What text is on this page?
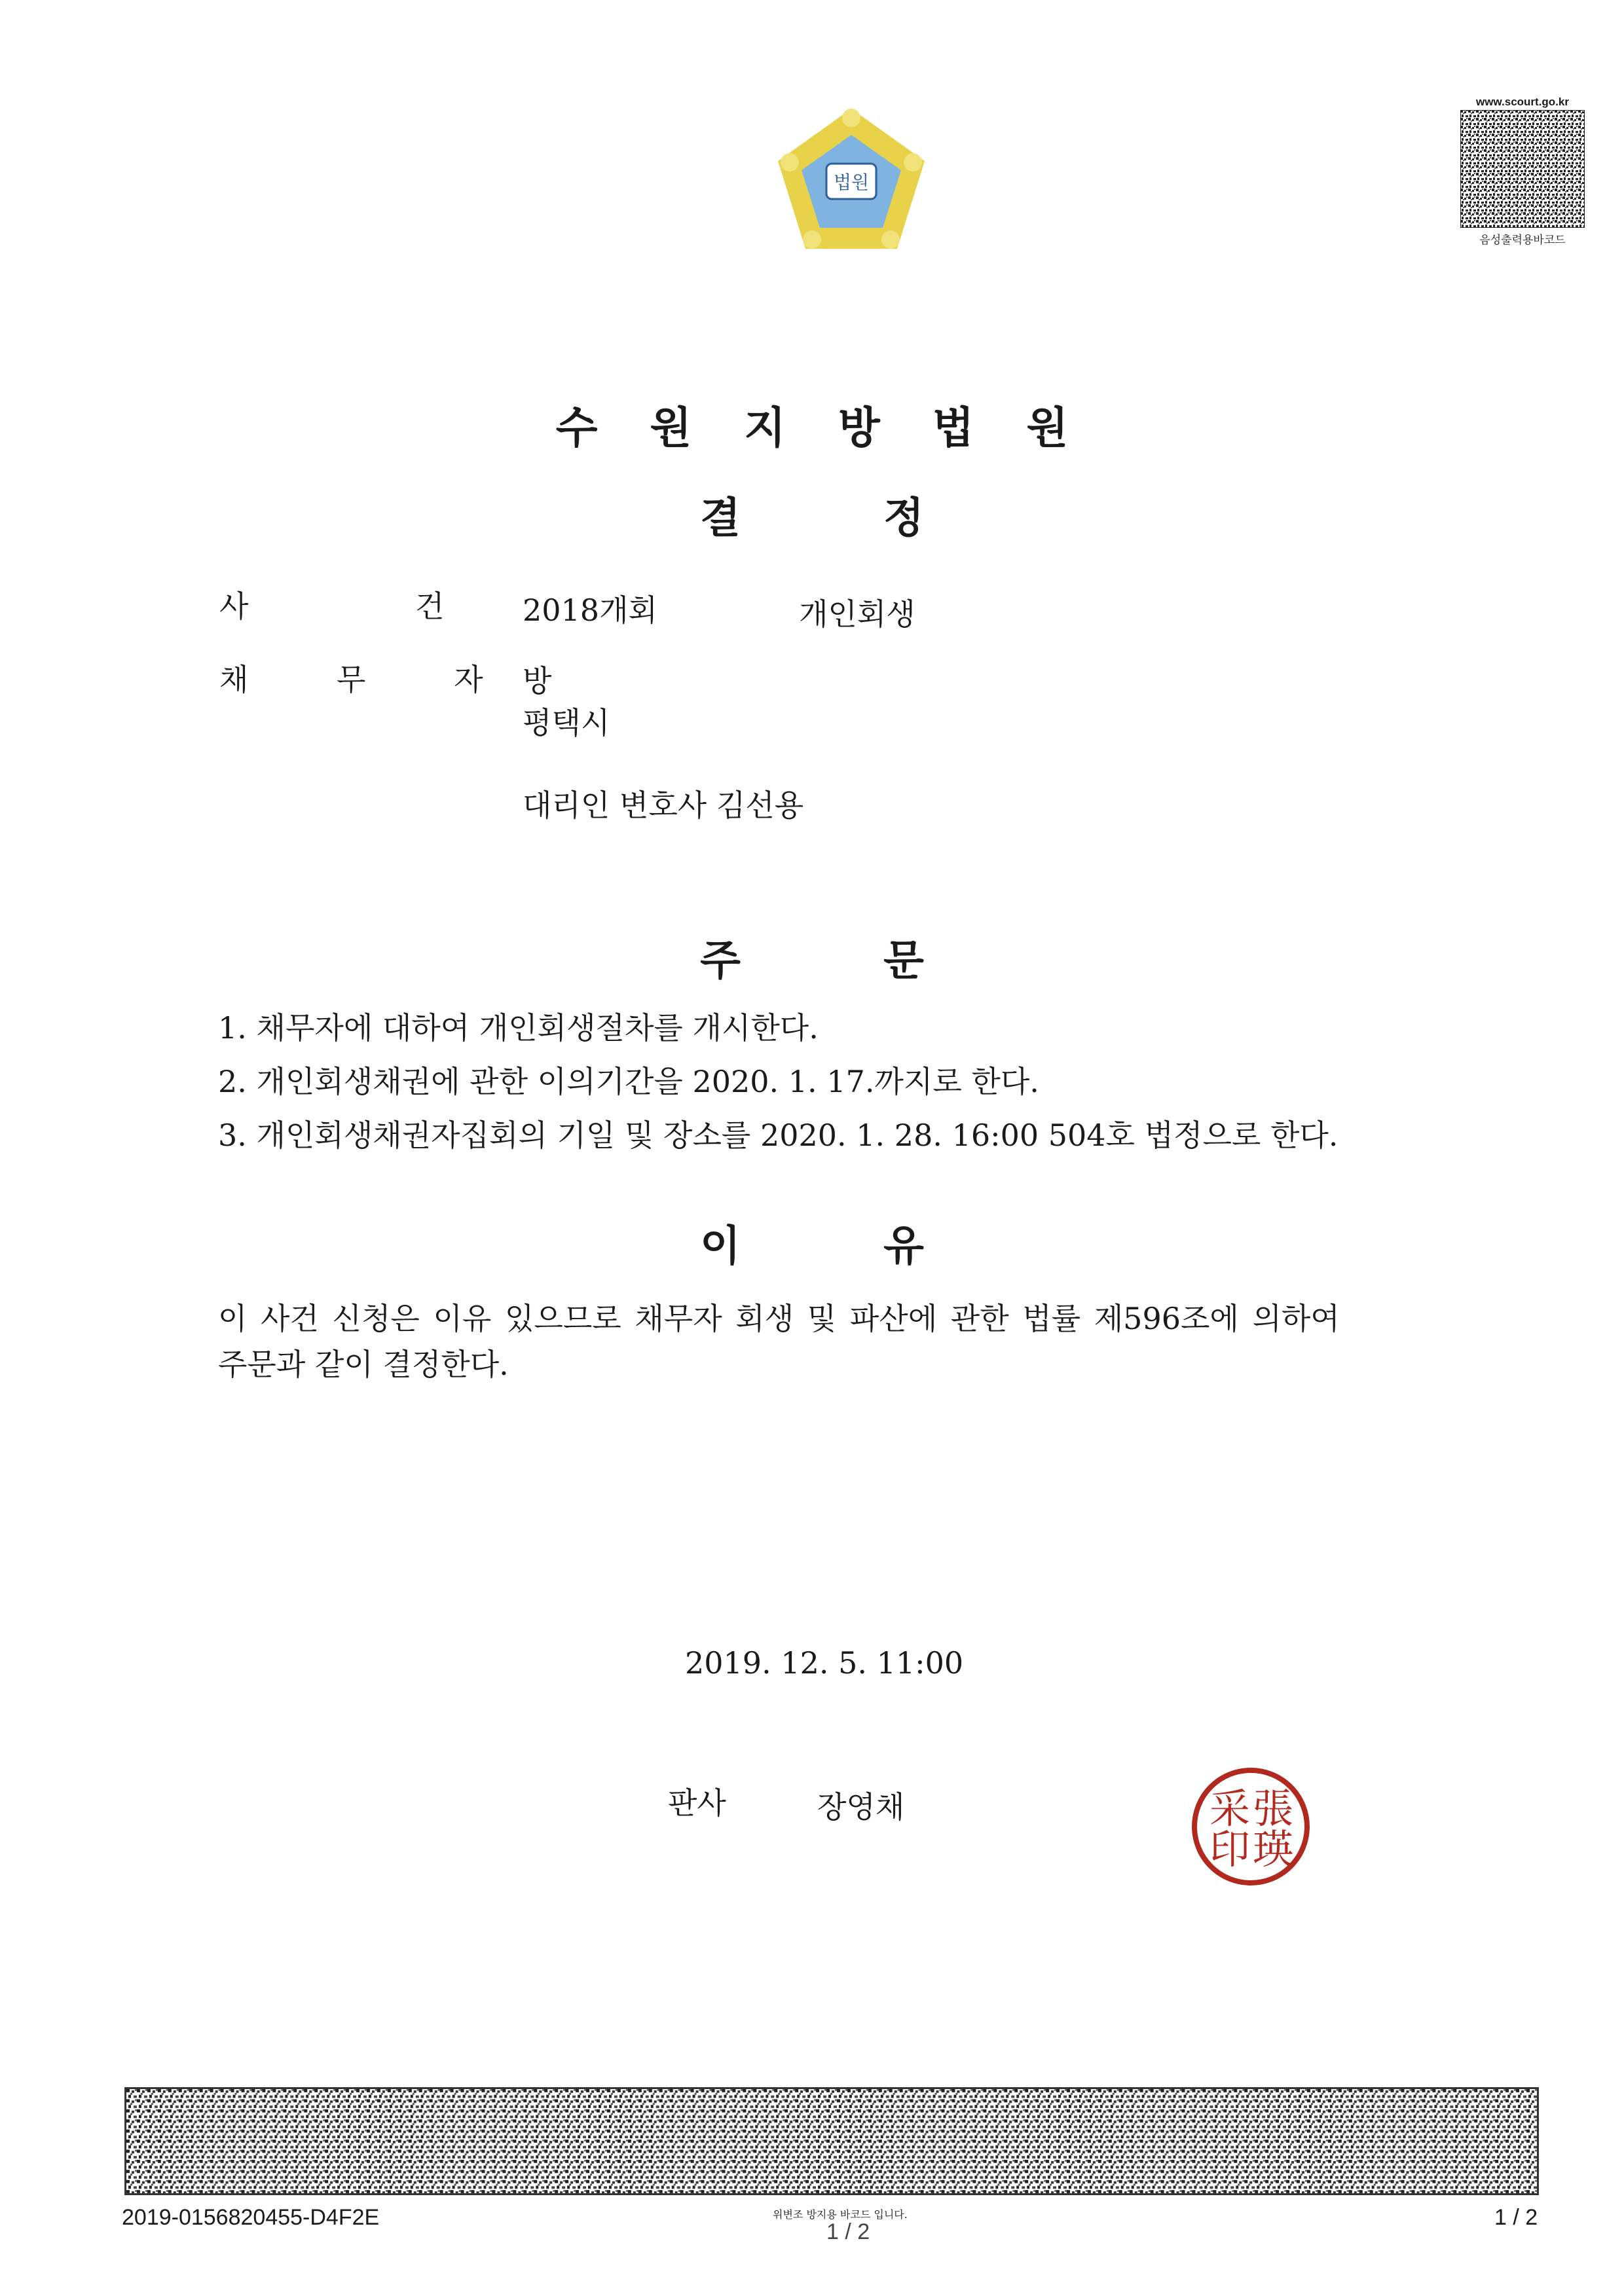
법원
www.scourt.go.kr
음성출력용바코드
수원지방법원
결	정
사 건 2018개회	개인회생
채 무 자 방
평택시
대리인 변호사 김선용
주	문
1. 채무자에 대하여 개인회생절차를 개시한다.
2. 개인회생채권에 관한 이의기간을 2020. 1. 17.까지로 한다.
3. 개인회생채권자집회의 기일 및 장소를 2020. 1. 28. 16:00 504호 법정으로 한다.
이	유
이 사건 신청은 이유 있으므로 채무자 회생 및 파산에 관한 법률 제596조에 의하여
주문과 같이 결정한다.
2019. 12. 5. 11:00
판사	장영채	張
瑛
采
印
2019-0156820455-D4F2E	위변조 방지용 바코드 입니다.
1 / 2
1 / 2
